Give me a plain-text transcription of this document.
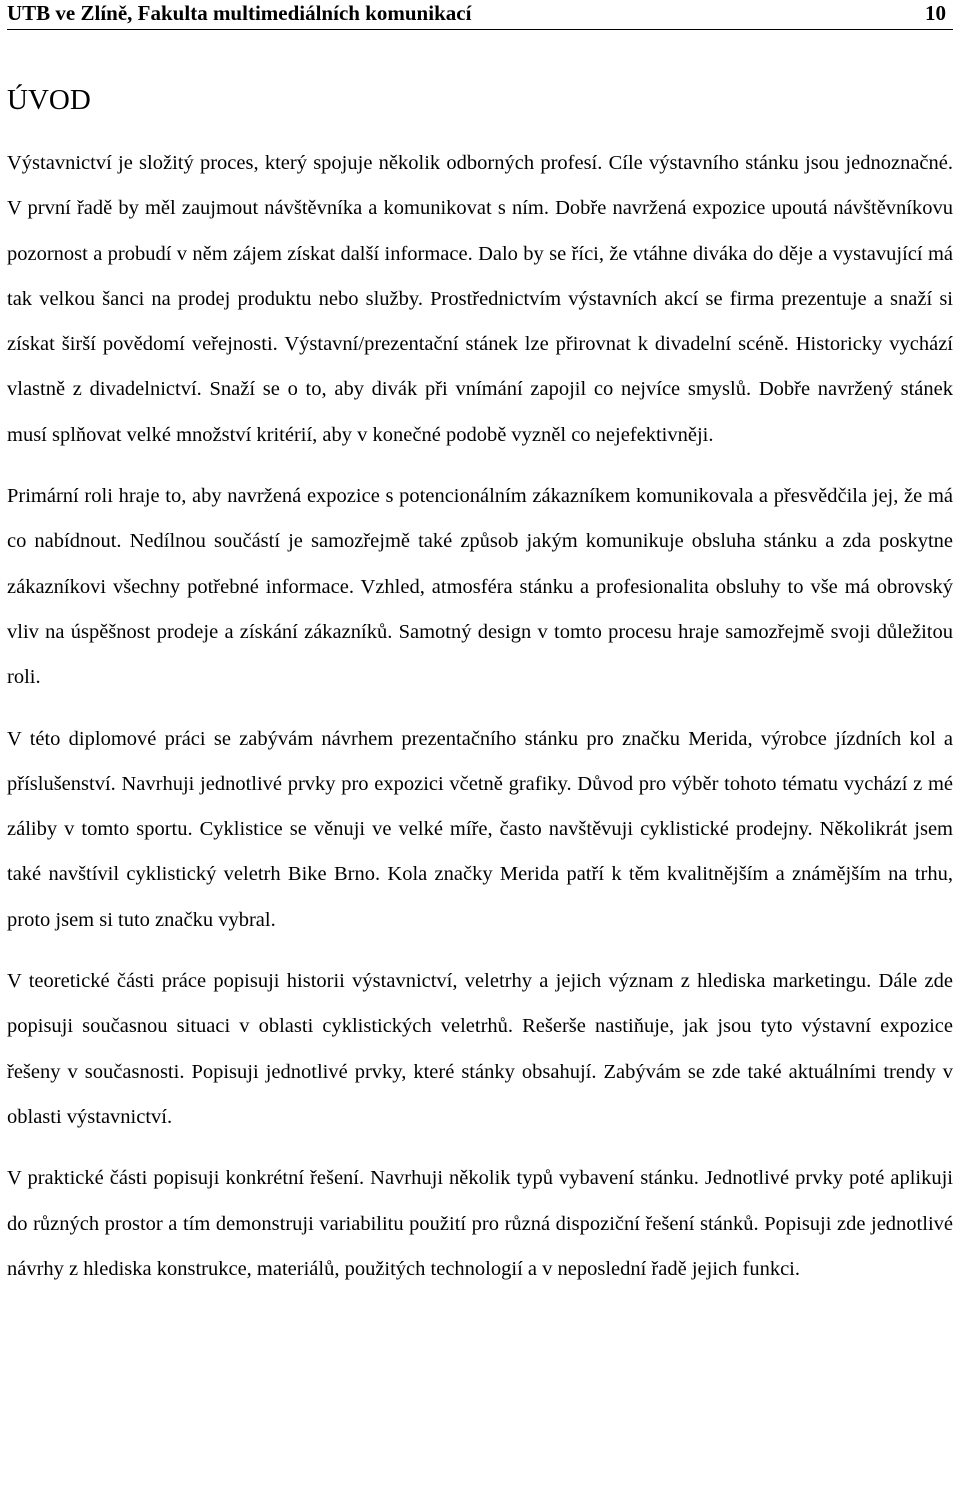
UTB ve Zlíně, Fakulta multimediálních komunikací	10
ÚVOD

Výstavnictví je složitý proces, který spojuje několik odborných profesí. Cíle výstavního stánku jsou jednoznačné. V první řadě by měl zaujmout návštěvníka a komunikovat s ním. Dobře navržená expozice upoutá návštěvníkovu pozornost a probudí v něm zájem získat další informace. Dalo by se říci, že vtáhne diváka do děje a vystavující má tak velkou šanci na prodej produktu nebo služby. Prostřednictvím výstavních akcí se firma prezentuje a snaží si získat širší povědomí veřejnosti. Výstavní/prezentační stánek lze přirovnat k divadelní scéně. Historicky vychází vlastně z divadelnictví. Snaží se o to, aby divák při vnímání zapojil co nejvíce smyslů. Dobře navržený stánek musí splňovat velké množství kritérií, aby v konečné podobě vyzněl co nejefektivněji.

Primární roli hraje to, aby navržená expozice s potencionálním zákazníkem komunikovala a přesvědčila jej, že má co nabídnout. Nedílnou součástí je samozřejmě také způsob jakým komunikuje obsluha stánku a zda poskytne zákazníkovi všechny potřebné informace. Vzhled, atmosféra stánku a profesionalita obsluhy to vše má obrovský vliv na úspěšnost prodeje a získání zákazníků. Samotný design v tomto procesu hraje samozřejmě svoji důležitou roli.

V této diplomové práci se zabývám návrhem prezentačního stánku pro značku Merida, výrobce jízdních kol a příslušenství. Navrhuji jednotlivé prvky pro expozici včetně grafiky. Důvod pro výběr tohoto tématu vychází z mé záliby v tomto sportu. Cyklistice se věnuji ve velké míře, často navštěvuji cyklistické prodejny. Několikrát jsem také navštívil cyklistický veletrh Bike Brno. Kola značky Merida patří k těm kvalitnějším a známějším na trhu, proto jsem si tuto značku vybral.

V teoretické části práce popisuji historii výstavnictví, veletrhy a jejich význam z hlediska marketingu. Dále zde popisuji současnou situaci v oblasti cyklistických veletrhů. Rešerše nastiňuje, jak jsou tyto výstavní expozice řešeny v současnosti. Popisuji jednotlivé prvky, které stánky obsahují. Zabývám se zde také aktuálními trendy v oblasti výstavnictví.

V praktické části popisuji konkrétní řešení. Navrhuji několik typů vybavení stánku. Jednotlivé prvky poté aplikuji do různých prostor a tím demonstruji variabilitu použití pro různá dispoziční řešení stánků. Popisuji zde jednotlivé návrhy z hlediska konstrukce, materiálů, použitých technologií a v neposlední řadě jejich funkci.
